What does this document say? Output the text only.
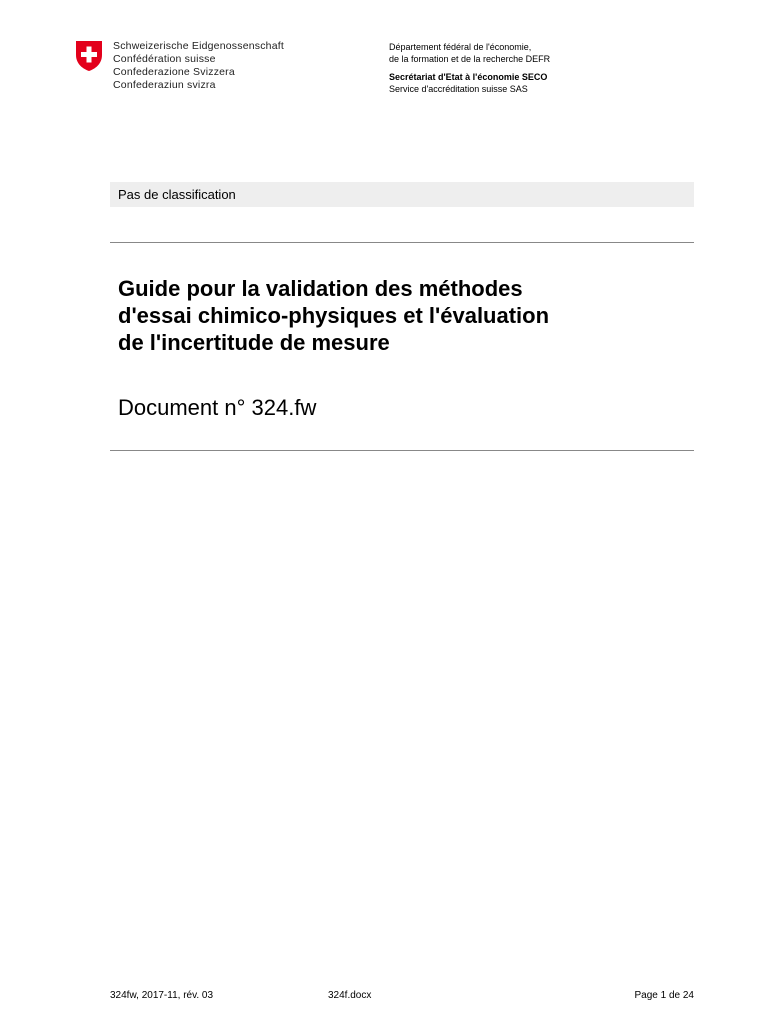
Schweizerische Eidgenossenschaft
Confédération suisse
Confederazione Svizzera
Confederaziun svizra
Département fédéral de l'économie,
de la formation et de la recherche DEFR
Secrétariat d'Etat à l'économie SECO
Service d'accréditation suisse SAS
Pas de classification
Guide pour la validation des méthodes
d'essai chimico-physiques et l'évaluation
de l'incertitude de mesure
Document n° 324.fw
324fw, 2017-11, rév. 03	324f.docx	Page 1 de 24
